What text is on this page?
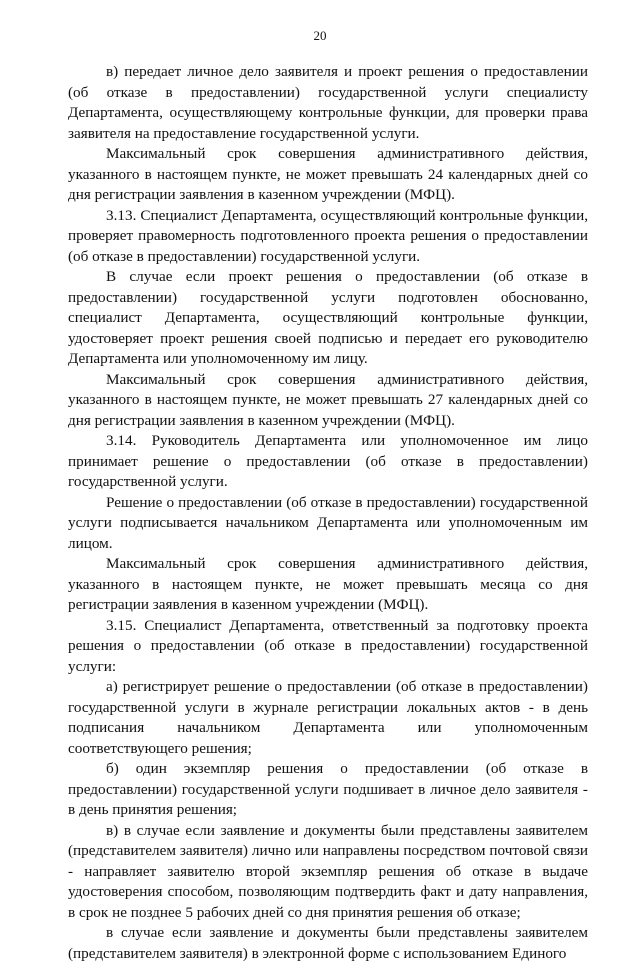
20

в) передает личное дело заявителя и проект решения о предоставлении (об отказе в предоставлении) государственной услуги специалисту Департамента, осуществляющему контрольные функции, для проверки права заявителя на предоставление государственной услуги.

Максимальный срок совершения административного действия, указанного в настоящем пункте, не может превышать 24 календарных дней со дня регистрации заявления в казенном учреждении (МФЦ).

3.13. Специалист Департамента, осуществляющий контрольные функции, проверяет правомерность подготовленного проекта решения о предоставлении (об отказе в предоставлении) государственной услуги.

В случае если проект решения о предоставлении (об отказе в предоставлении) государственной услуги подготовлен обоснованно, специалист Департамента, осуществляющий контрольные функции, удостоверяет проект решения своей подписью и передает его руководителю Департамента или уполномоченному им лицу.

Максимальный срок совершения административного действия, указанного в настоящем пункте, не может превышать 27 календарных дней со дня регистрации заявления в казенном учреждении (МФЦ).

3.14. Руководитель Департамента или уполномоченное им лицо принимает решение о предоставлении (об отказе в предоставлении) государственной услуги.

Решение о предоставлении (об отказе в предоставлении) государственной услуги подписывается начальником Департамента или уполномоченным им лицом.

Максимальный срок совершения административного действия, указанного в настоящем пункте, не может превышать месяца со дня регистрации заявления в казенном учреждении (МФЦ).

3.15. Специалист Департамента, ответственный за подготовку проекта решения о предоставлении (об отказе в предоставлении) государственной услуги:

а) регистрирует решение о предоставлении (об отказе в предоставлении) государственной услуги в журнале регистрации локальных актов - в день подписания начальником Департамента или уполномоченным соответствующего решения;

б) один экземпляр решения о предоставлении (об отказе в предоставлении) государственной услуги подшивает в личное дело заявителя - в день принятия решения;

в) в случае если заявление и документы были представлены заявителем (представителем заявителя) лично или направлены посредством почтовой связи - направляет заявителю второй экземпляр решения об отказе в выдаче удостоверения способом, позволяющим подтвердить факт и дату направления, в срок не позднее 5 рабочих дней со дня принятия решения об отказе;

в случае если заявление и документы были представлены заявителем (представителем заявителя) в электронной форме с использованием Единого
